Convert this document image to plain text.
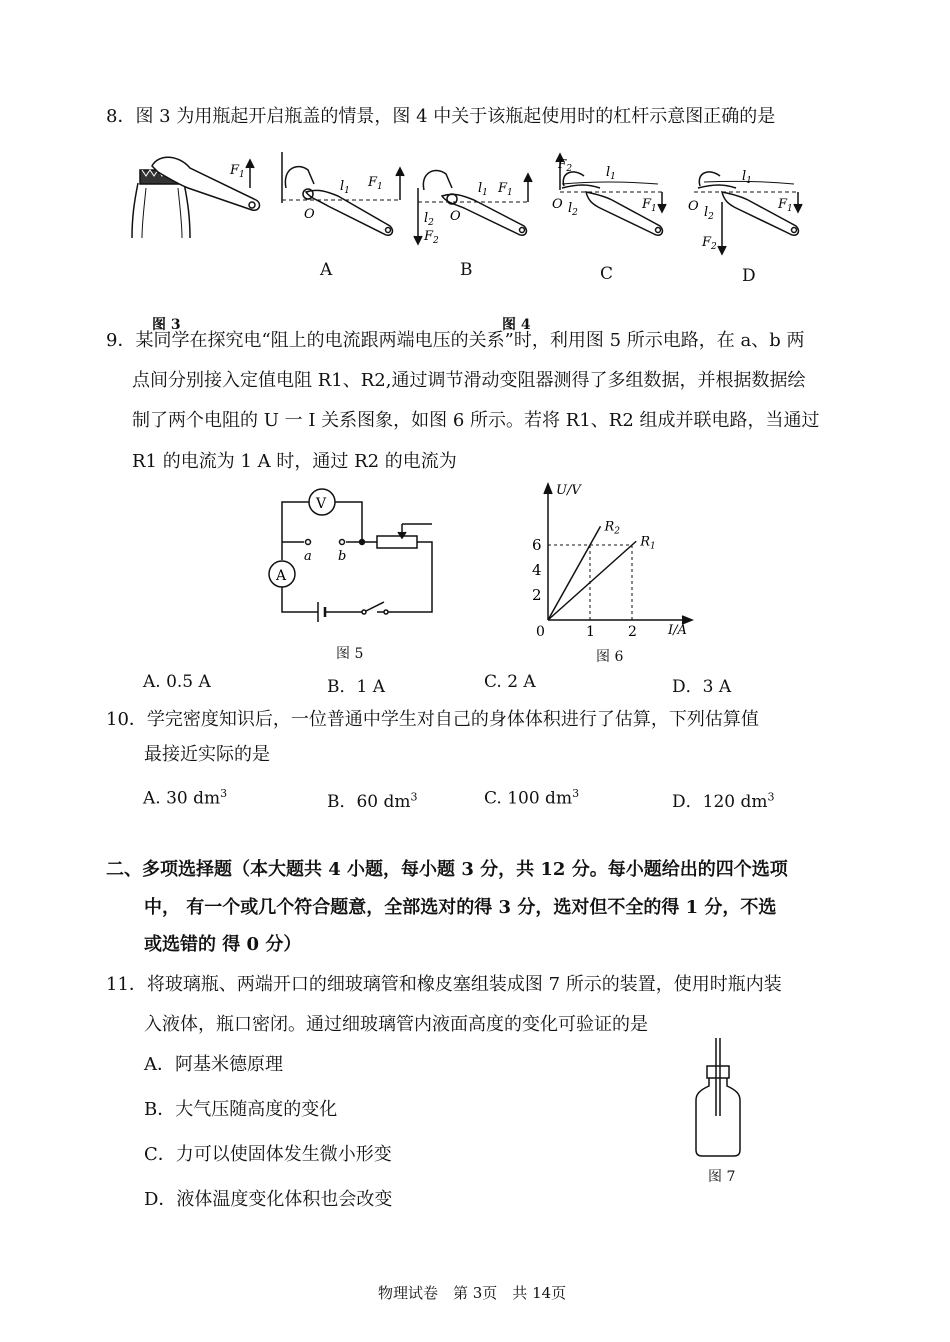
8．图 3 为用瓶起开启瓶盖的情景，图 4 中关于该瓶起使用时的杠杆示意图正确的是
$F_1$
O
$l_1$
$F_1$
O
$l_2$
$F_2$
$l_1$ $F_1$
$F_2$	$l_1$
O $l_2$
$F_1$
$l_1$
O $l_2$
$F_2$
$F_1$
A	B	C	D
图 3	图 4
9．某同学在探究电“阻上的电流跟两端电压的关系”时，利用图 5 所示电路，在 a、b 两
点间分别接入定值电阻 R1、R2,通过调节滑动变阻器测得了多组数据，并根据数据绘
制了两个电阻的 U 一 I 关系图象，如图 6 所示。若将 R1、R2 组成并联电路，当通过
R1 的电流为 1 A 时，通过 R2 的电流为
V
A
a b
图 5
$R_2$
$R_1$
2
4
6
0	1 2
U/V
I/A
图 6
A. 0.5 A	B．1 A	C. 2 A	D．3 A
10．学完密度知识后，一位普通中学生对自己的身体体积进行了估算，下列估算值
最接近实际的是
A. 30 $dm^3$	B．60 $dm^3$	C. 100 $dm^3$	D．120 $dm^3$
二、多项选择题（本大题共 4 小题，每小题 3 分，共 12 分。每小题给出的四个选项
中， 有一个或几个符合题意，全部选对的得 3 分，选对但不全的得 1 分，不选
或选错的 得 0 分）
11．将玻璃瓶、两端开口的细玻璃管和橡皮塞组装成图 7 所示的装置，使用时瓶内装
入液体，瓶口密闭。通过细玻璃管内液面高度的变化可验证的是
A．阿基米德原理
B．大气压随高度的变化
C．力可以使固体发生微小形变
D．液体温度变化体积也会改变
图 7
物理试卷　第 3页　共 14页
